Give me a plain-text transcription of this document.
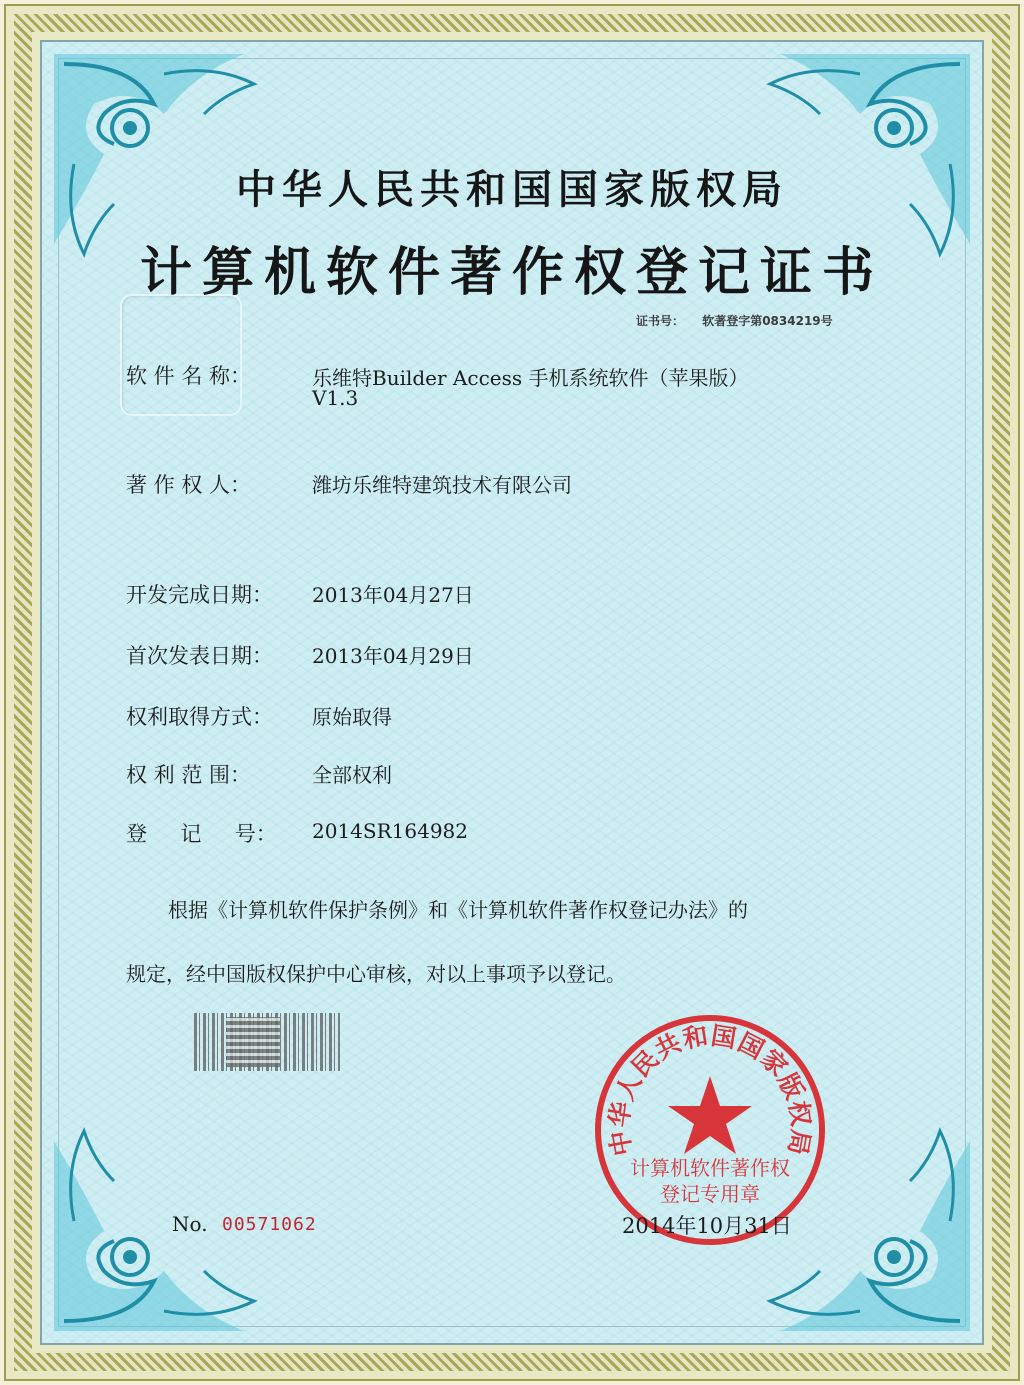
中华人民共和国国家版权局
计算机软件著作权登记证书
证书号： 软著登字第0834219号
软 件 名 称：	乐维特Builder Access 手机系统软件（苹果版）
V1.3
著 作 权 人：	潍坊乐维特建筑技术有限公司
开发完成日期： 2013年04月27日
首次发表日期： 2013年04月29日
权利取得方式： 原始取得
权 利 范 围：	全部权利
登     记     号： 2014SR164982
根据《计算机软件保护条例》和《计算机软件著作权登记办法》的
规定，经中国版权保护中心审核，对以上事项予以登记。
中华人民共和国国家版权局
计算机软件著作权
登记专用章
No. 00571062	2014年10月31日
